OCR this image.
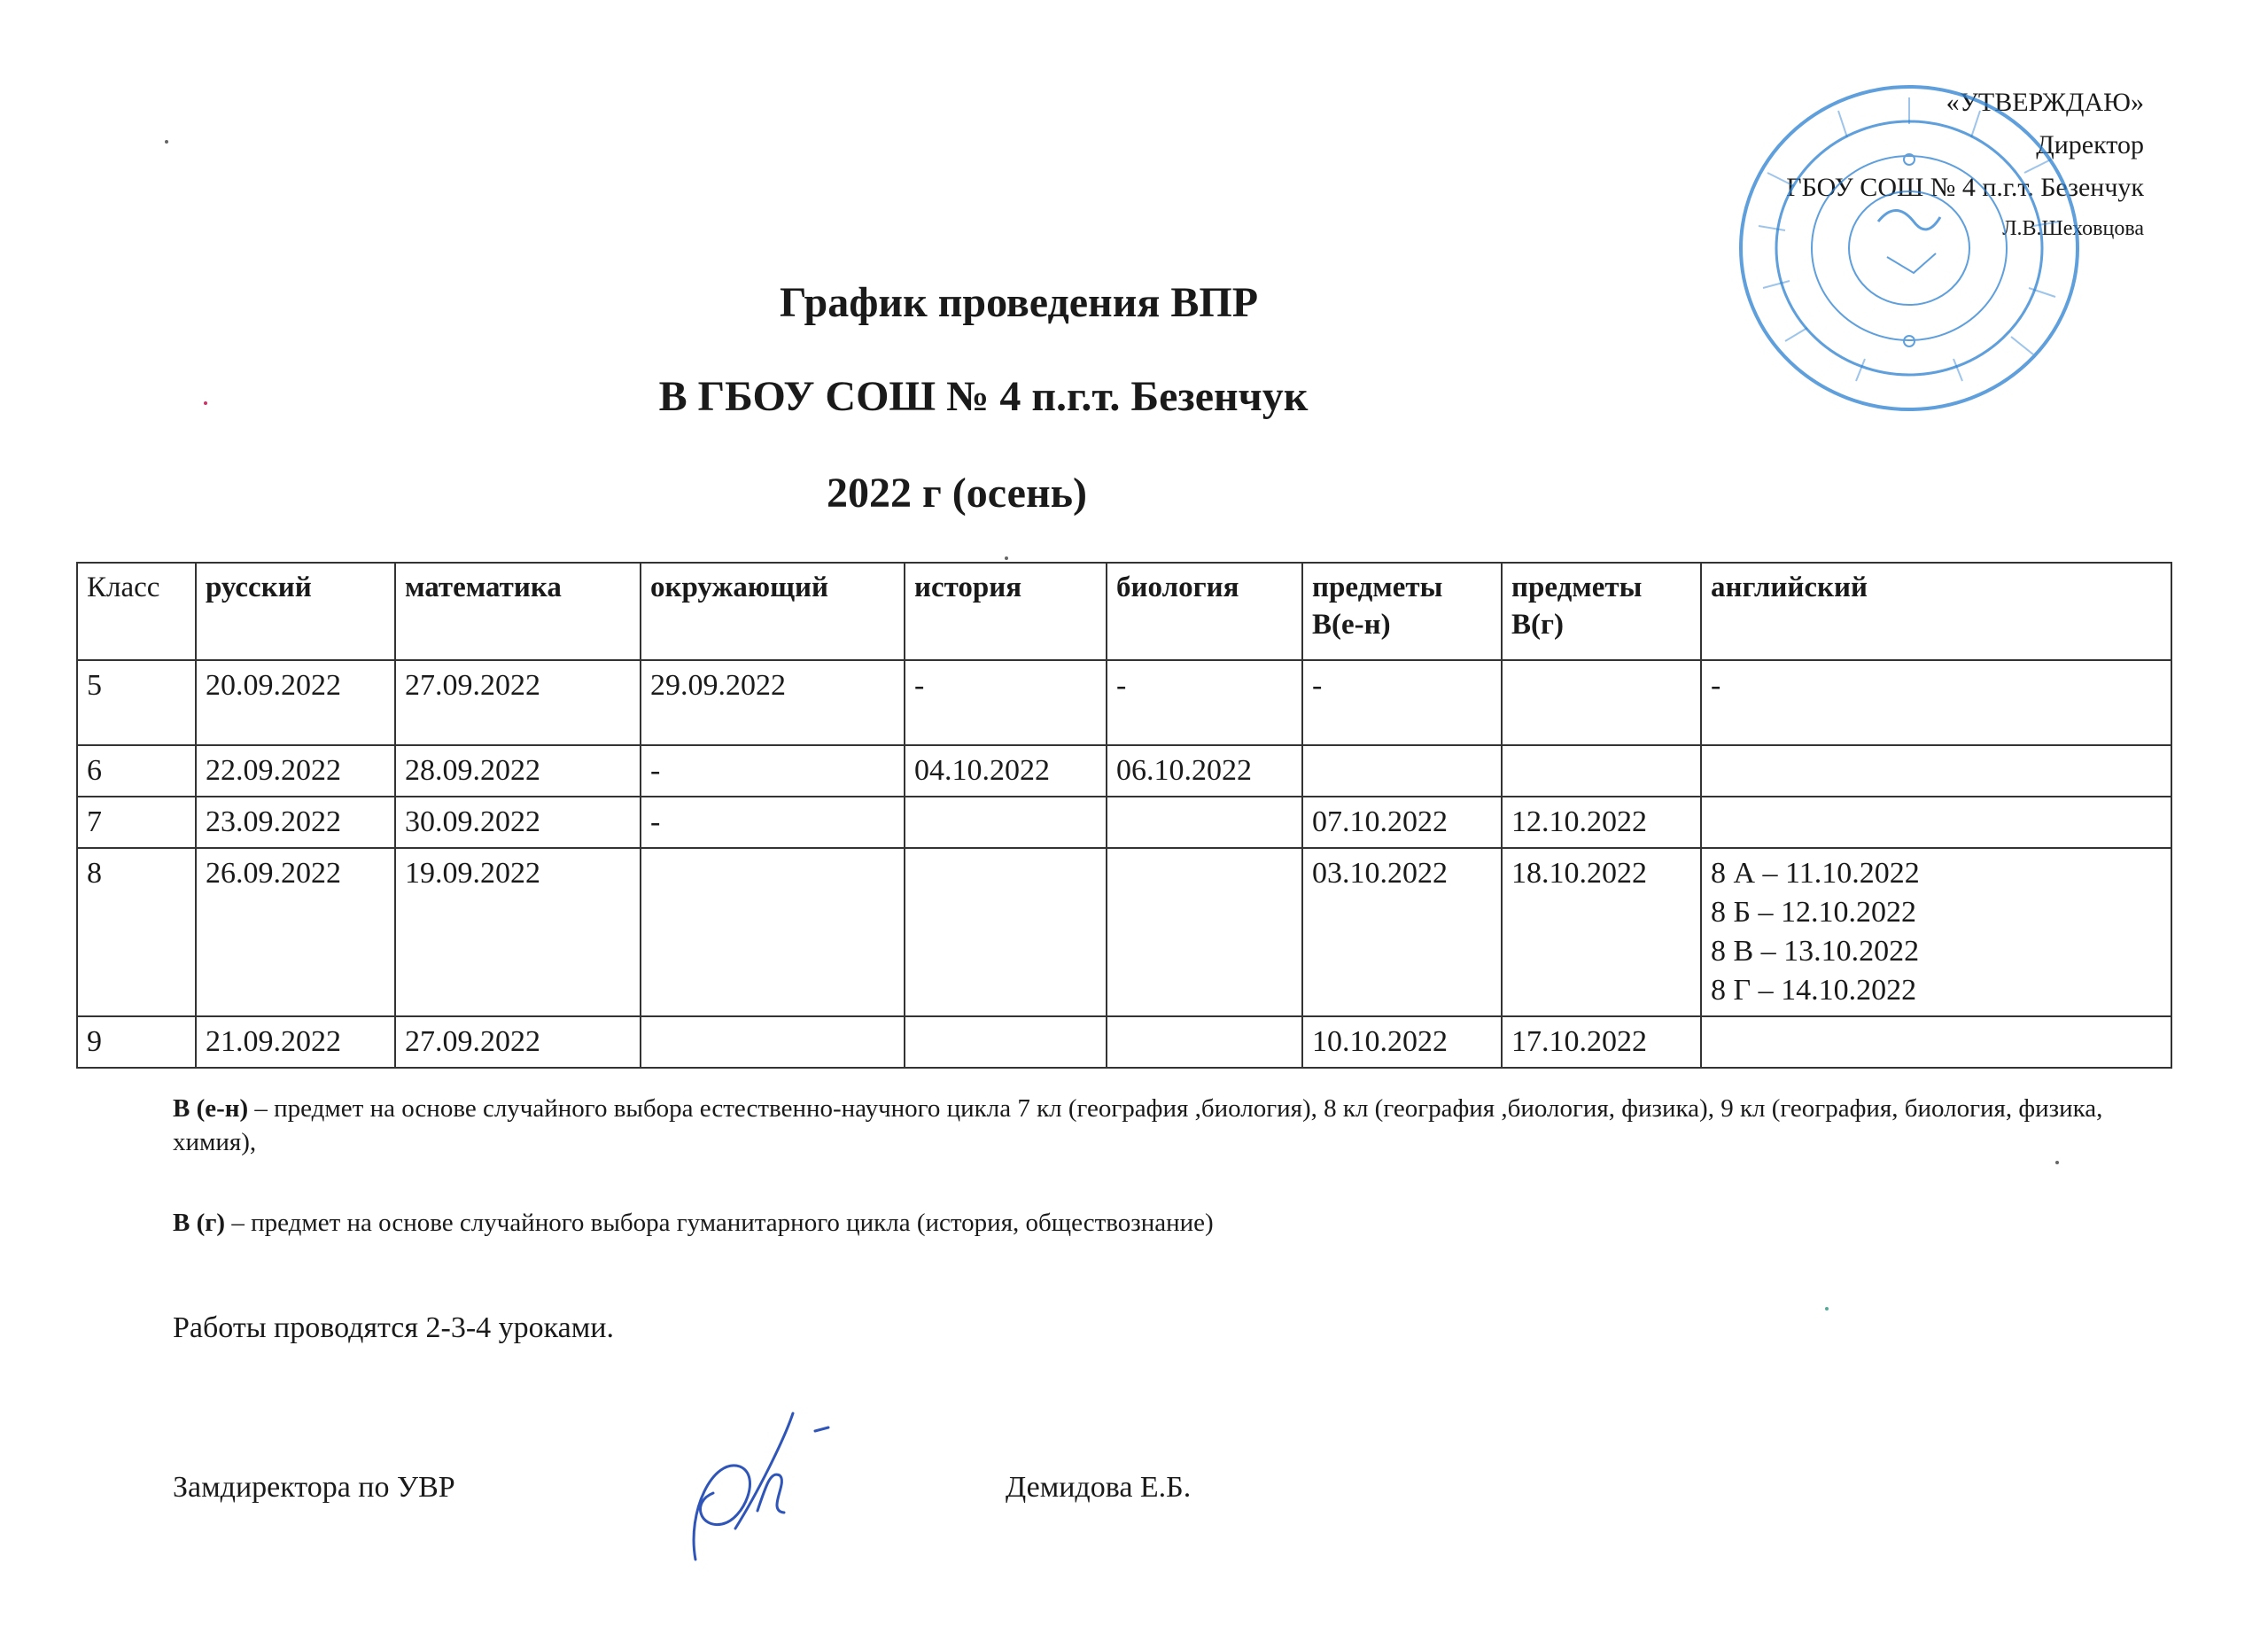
«УТВЕРЖДАЮ»
Директор
ГБОУ СОШ № 4 п.г.т. Безенчук
Л.В.Шеховцова
График проведения ВПР
В ГБОУ СОШ № 4 п.г.т. Безенчук
2022 г (осень)
Класс	русский	математика	окружающий	история	биология	предметы В(е-н)	предметы В(г)	английский
5	20.09.2022	27.09.2022	29.09.2022	-	-	-		-

6	22.09.2022	28.09.2022	-	04.10.2022	06.10.2022			

7	23.09.2022	30.09.2022	-			07.10.2022	12.10.2022	

8	26.09.2022	19.09.2022				03.10.2022	18.10.2022	8 А – 11.10.2022
8 Б – 12.10.2022
8 В – 13.10.2022
8 Г – 14.10.2022

9	21.09.2022	27.09.2022				10.10.2022	17.10.2022	
В (е-н) – предмет на основе случайного выбора естественно-научного цикла 7 кл (география ,биология), 8 кл (география ,биология, физика), 9 кл (география, биология, физика, химия),
В (г) – предмет на основе случайного выбора гуманитарного цикла (история, обществознание)
Работы проводятся 2-3-4 уроками.
Замдиректора по УВР	Демидова Е.Б.
